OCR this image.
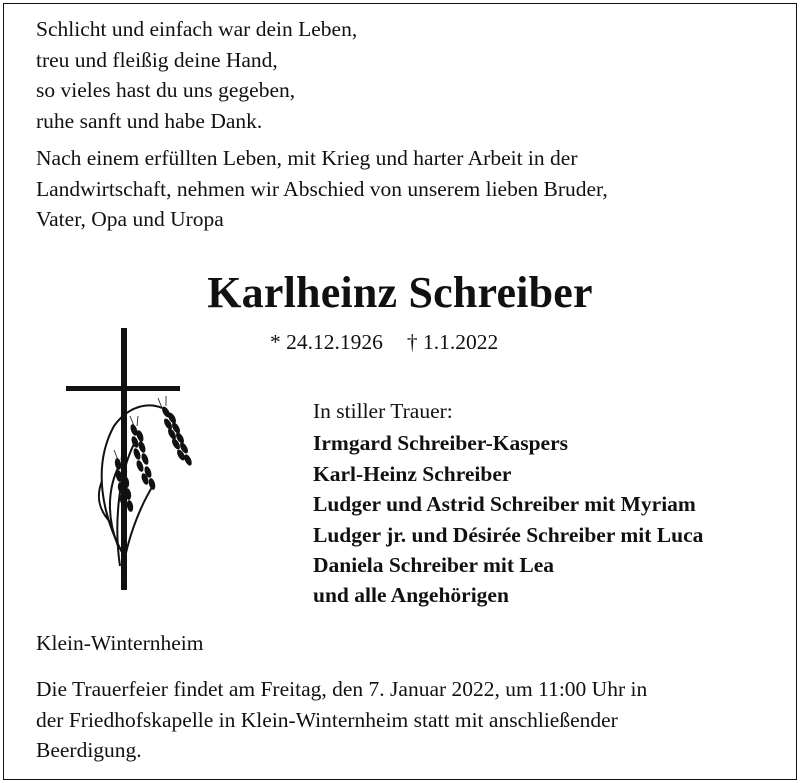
Schlicht und einfach war dein Leben,
treu und fleißig deine Hand,
so vieles hast du uns gegeben,
ruhe sanft und habe Dank.
Nach einem erfüllten Leben, mit Krieg und harter Arbeit in der
Landwirtschaft, nehmen wir Abschied von unserem lieben Bruder,
Vater, Opa und Uropa
Karlheinz Schreiber
* 24.12.1926 † 1.1.2022
In stiller Trauer:
Irmgard Schreiber-Kaspers
Karl-Heinz Schreiber
Ludger und Astrid Schreiber mit Myriam
Ludger jr. und Désirée Schreiber mit Luca
Daniela Schreiber mit Lea
und alle Angehörigen
Klein-Winternheim
Die Trauerfeier findet am Freitag, den 7. Januar 2022, um 11:00 Uhr in
der Friedhofskapelle in Klein-Winternheim statt mit anschließender
Beerdigung.
